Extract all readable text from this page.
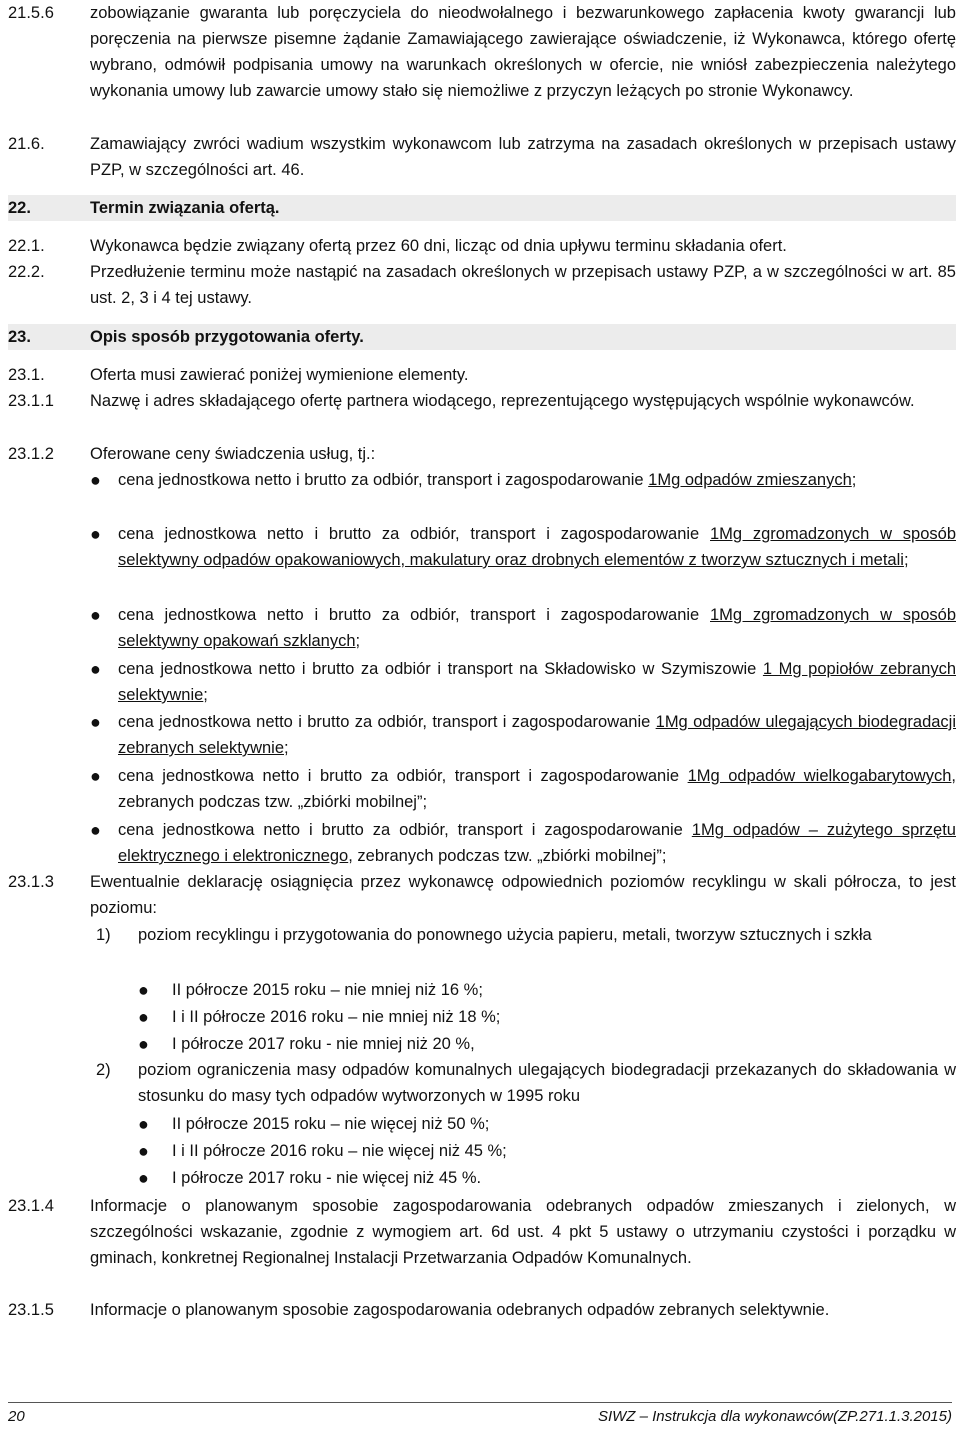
21.5.6	zobowiązanie gwaranta lub poręczyciela do nieodwołalnego i bezwarunkowego zapłacenia kwoty gwarancji lub poręczenia na pierwsze pisemne żądanie Zamawiającego zawierające oświadczenie, iż Wykonawca, którego ofertę wybrano, odmówił podpisania umowy na warunkach określonych w ofercie, nie wniósł zabezpieczenia należytego wykonania umowy lub zawarcie umowy stało się niemożliwe z przyczyn leżących po stronie Wykonawcy.
21.6.	Zamawiający zwróci wadium wszystkim wykonawcom lub zatrzyma na zasadach określonych w przepisach ustawy PZP, w szczególności art. 46.
22.	Termin związania ofertą.
22.1.	Wykonawca będzie związany ofertą przez 60 dni, licząc od dnia upływu terminu składania ofert.
22.2.	Przedłużenie terminu może nastąpić na zasadach określonych w przepisach ustawy PZP, a w szczególności w art. 85 ust. 2, 3 i 4 tej ustawy.
23.	Opis sposób przygotowania oferty.
23.1.	Oferta musi zawierać poniżej wymienione elementy.
23.1.1	Nazwę i adres składającego ofertę partnera wiodącego, reprezentującego występujących wspólnie wykonawców.
23.1.2	Oferowane ceny świadczenia usług, tj.:
●	cena jednostkowa netto i brutto za odbiór, transport i zagospodarowanie 1Mg odpadów zmieszanych;
●	cena jednostkowa netto i brutto za odbiór, transport i zagospodarowanie 1Mg zgromadzonych w sposób selektywny odpadów opakowaniowych, makulatury oraz drobnych elementów z tworzyw sztucznych i metali;
●	cena jednostkowa netto i brutto za odbiór, transport i zagospodarowanie 1Mg zgromadzonych w sposób selektywny opakowań szklanych;
●	cena jednostkowa netto i brutto za odbiór i transport na Składowisko w Szymiszowie 1 Mg popiołów zebranych selektywnie;
●	cena jednostkowa netto i brutto za odbiór, transport i zagospodarowanie 1Mg odpadów ulegających biodegradacji zebranych selektywnie;
●	cena jednostkowa netto i brutto za odbiór, transport i zagospodarowanie 1Mg odpadów wielkogabarytowych, zebranych podczas tzw. „zbiórki mobilnej”;
●	cena jednostkowa netto i brutto za odbiór, transport i zagospodarowanie 1Mg odpadów – zużytego sprzętu elektrycznego i elektronicznego, zebranych podczas tzw. „zbiórki mobilnej”;
23.1.3	Ewentualnie deklarację osiągnięcia przez wykonawcę odpowiednich poziomów recyklingu w skali półrocza, to jest poziomu:
1)	poziom recyklingu i przygotowania do ponownego użycia papieru, metali, tworzyw sztucznych i szkła
●	II półrocze 2015 roku – nie mniej niż 16 %;
●	I i II półrocze 2016 roku – nie mniej niż 18 %;
●	I półrocze 2017 roku - nie mniej niż 20 %,
2)	poziom ograniczenia masy odpadów komunalnych ulegających biodegradacji przekazanych do składowania w stosunku do masy tych odpadów wytworzonych w 1995 roku
●	II półrocze 2015 roku – nie więcej niż 50 %;
●	I i II półrocze 2016 roku – nie więcej niż 45 %;
●	I półrocze 2017 roku - nie więcej niż 45 %.
23.1.4	Informacje o planowanym sposobie zagospodarowania odebranych odpadów zmieszanych i zielonych, w szczególności wskazanie, zgodnie z wymogiem art. 6d ust. 4 pkt 5 ustawy o utrzymaniu czystości i porządku w gminach, konkretnej Regionalnej Instalacji Przetwarzania Odpadów Komunalnych.
23.1.5	Informacje o planowanym sposobie zagospodarowania odebranych odpadów zebranych selektywnie.
20	SIWZ – Instrukcja dla wykonawców(ZP.271.1.3.2015)
